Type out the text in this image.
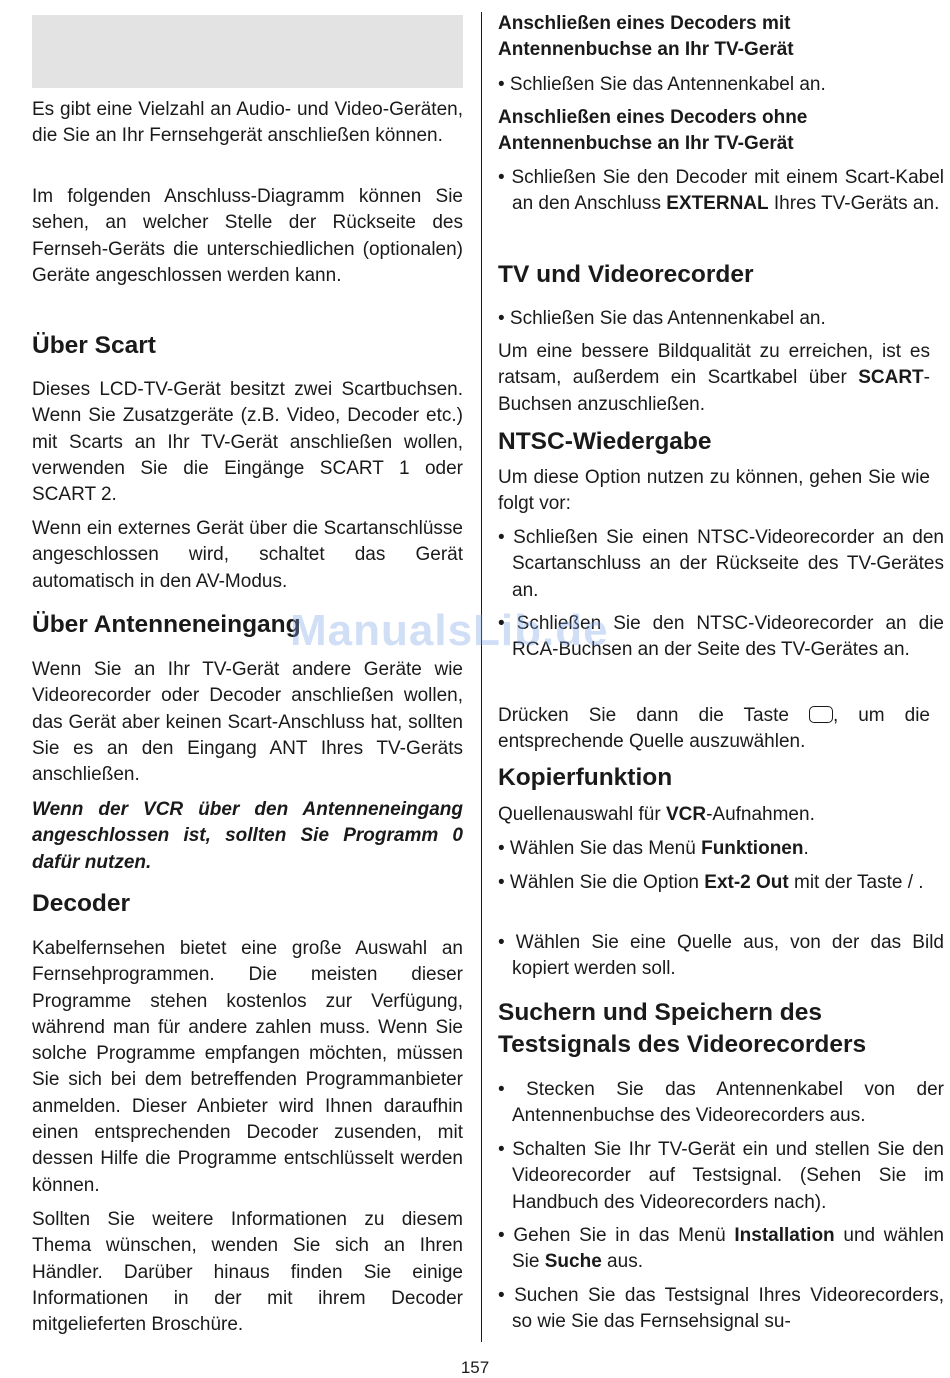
Es gibt eine Vielzahl an Audio- und Video-Geräten, die Sie an Ihr Fernsehgerät anschließen können.

Im folgenden Anschluss-Diagramm können Sie sehen, an welcher Stelle der Rückseite des Fernseh-Geräts die unterschiedlichen (optionalen) Geräte angeschlossen werden kann.

Über Scart

Dieses LCD-TV-Gerät besitzt zwei Scartbuchsen. Wenn Sie Zusatzgeräte (z.B. Video, Decoder etc.) mit Scarts an Ihr TV-Gerät anschließen wollen, verwenden Sie die Eingänge SCART 1 oder SCART 2.

Wenn ein externes Gerät über die Scartanschlüsse angeschlossen wird, schaltet das Gerät automatisch in den AV-Modus.

Über Antenneneingang

Wenn Sie an Ihr TV-Gerät andere Geräte wie Videorecorder oder Decoder anschließen wollen, das Gerät aber keinen Scart-Anschluss hat, sollten Sie es an den Eingang ANT Ihres TV-Geräts anschließen.

Wenn der VCR über den Antenneneingang angeschlossen ist, sollten Sie Programm 0 dafür nutzen.

Decoder

Kabelfernsehen bietet eine große Auswahl an Fernsehprogrammen. Die meisten dieser Programme stehen kostenlos zur Verfügung, während man für andere zahlen muss. Wenn Sie solche Programme empfangen möchten, müssen Sie sich bei dem betreffenden Programmanbieter anmelden. Dieser Anbieter wird Ihnen daraufhin einen entsprechenden Decoder zusenden, mit dessen Hilfe die Programme entschlüsselt werden können.

Sollten Sie weitere Informationen zu diesem Thema wünschen, wenden Sie sich an Ihren Händler. Darüber hinaus finden Sie einige Informationen in der mit ihrem Decoder mitgelieferten Broschüre.

Anschließen eines Decoders mit Antennenbuchse an Ihr TV-Gerät

• Schließen Sie das Antennenkabel an.

Anschließen eines Decoders ohne Antennenbuchse an Ihr TV-Gerät

• Schließen Sie den Decoder mit einem Scart-Kabel an den Anschluss EXTERNAL Ihres TV-Geräts an.

TV und Videorecorder

• Schließen Sie das Antennenkabel an.

Um eine bessere Bildqualität zu erreichen, ist es ratsam, außerdem ein Scartkabel über SCART-Buchsen anzuschließen.

NTSC-Wiedergabe

Um diese Option nutzen zu können, gehen Sie wie folgt vor:

• Schließen Sie einen NTSC-Videorecorder an den Scartanschluss an der Rückseite des TV-Gerätes an.

• Schließen Sie den NTSC-Videorecorder an die RCA-Buchsen an der Seite des TV-Gerätes an.

Drücken Sie dann die Taste , um die entsprechende Quelle auszuwählen.

Kopierfunktion

Quellenauswahl für VCR-Aufnahmen.

• Wählen Sie das Menü Funktionen.

• Wählen Sie die Option Ext-2 Out mit der Taste / .

• Wählen Sie eine Quelle aus, von der das Bild kopiert werden soll.

Suchern und Speichern des Testsignals des Videorecorders

• Stecken Sie das Antennenkabel von der Antennenbuchse des Videorecorders aus.

• Schalten Sie Ihr TV-Gerät ein und stellen Sie den Videorecorder auf Testsignal. (Sehen Sie im Handbuch des Videorecorders nach).

• Gehen Sie in das Menü Installation und wählen Sie Suche aus.

• Suchen Sie das Testsignal Ihres Videorecorders, so wie Sie das Fernsehsignal su-

ManualsLib.de
157
